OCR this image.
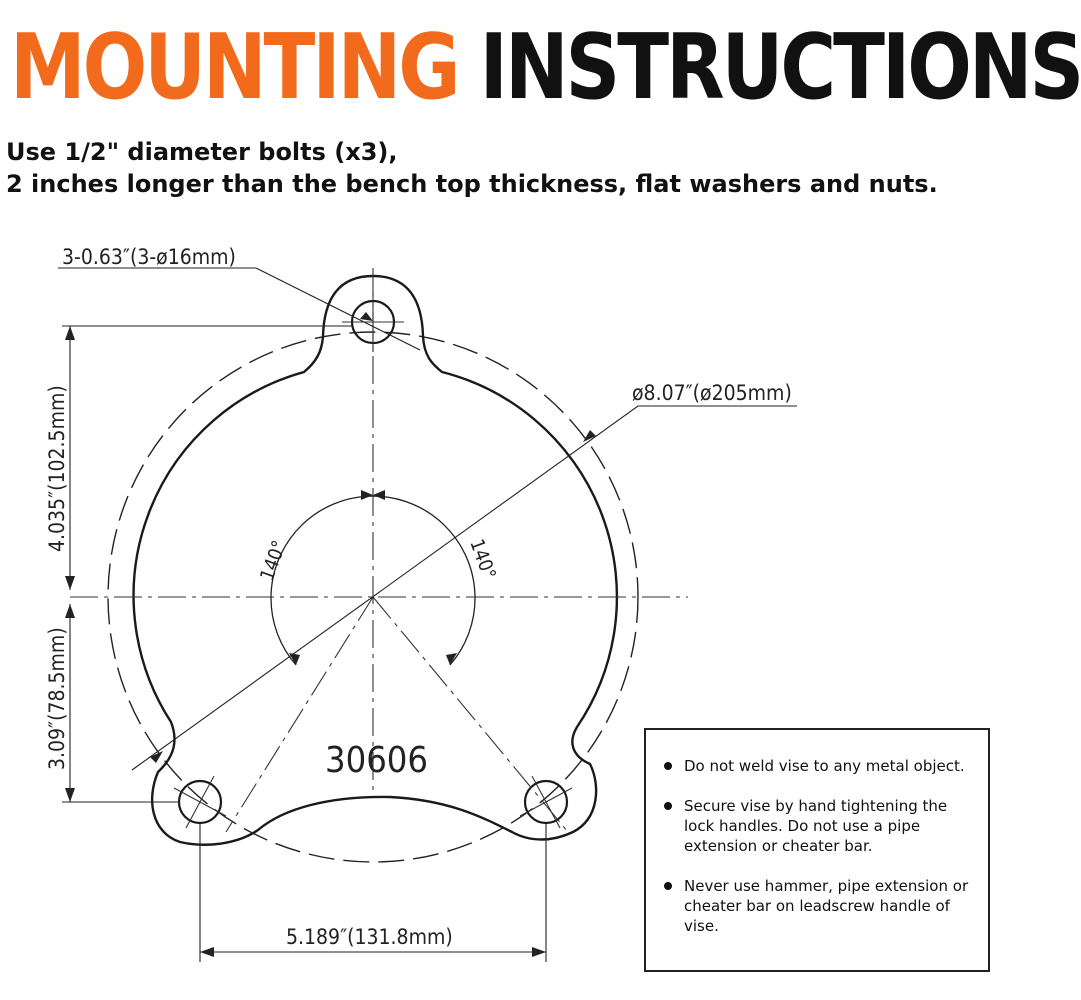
MOUNTING INSTRUCTIONS
Use 1/2" diameter bolts (x3),
2 inches longer than the bench top thickness, flat washers and nuts.
3-0.63″(3-ø16mm)
ø8.07″(ø205mm)
4.035″(102.5mm)
3.09″(78.5mm)
5.189″(131.8mm)
140°	140°
30606	Do not weld vise to any metal object.
Secure vise by hand tightening the lock handles. Do not use a pipe extension or cheater bar.
Never use hammer, pipe extension or cheater bar on leadscrew handle of vise.
